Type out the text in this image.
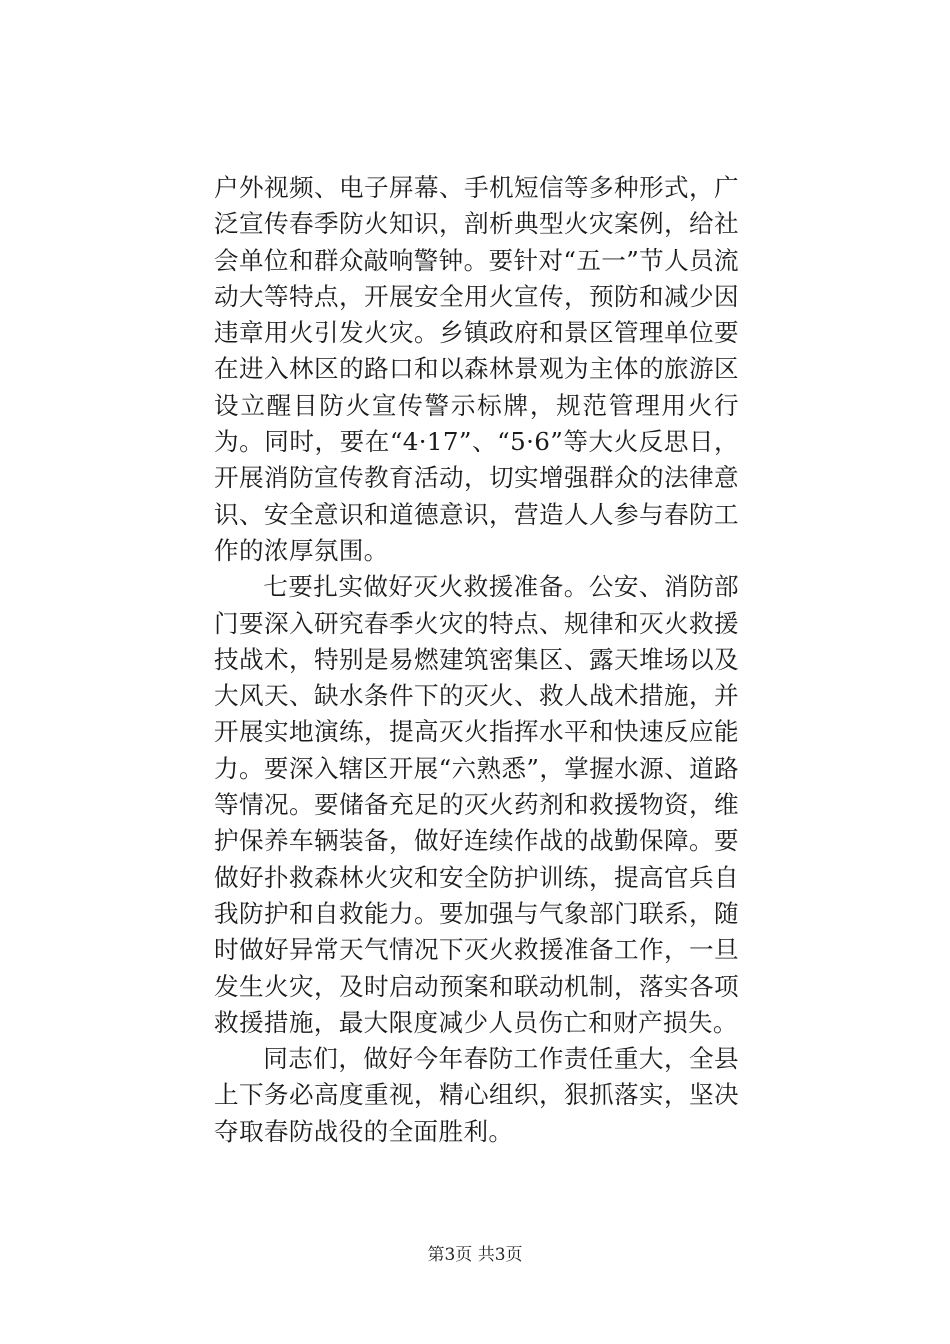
户外视频、电子屏幕、手机短信等多种形式，广泛宣传春季防火知识，剖析典型火灾案例，给社会单位和群众敲响警钟。要针对“五一”节人员流动大等特点，开展安全用火宣传，预防和减少因违章用火引发火灾。乡镇政府和景区管理单位要在进入林区的路口和以森林景观为主体的旅游区设立醒目防火宣传警示标牌，规范管理用火行为。同时，要在“4·17”、“5·6”等大火反思日，开展消防宣传教育活动，切实增强群众的法律意识、安全意识和道德意识，营造人人参与春防工作的浓厚氛围。

七要扎实做好灭火救援准备。公安、消防部门要深入研究春季火灾的特点、规律和灭火救援技战术，特别是易燃建筑密集区、露天堆场以及大风天、缺水条件下的灭火、救人战术措施，并开展实地演练，提高灭火指挥水平和快速反应能力。要深入辖区开展“六熟悉”，掌握水源、道路等情况。要储备充足的灭火药剂和救援物资，维护保养车辆装备，做好连续作战的战勤保障。要做好扑救森林火灾和安全防护训练，提高官兵自我防护和自救能力。要加强与气象部门联系，随时做好异常天气情况下灭火救援准备工作，一旦发生火灾，及时启动预案和联动机制，落实各项救援措施，最大限度减少人员伤亡和财产损失。

同志们，做好今年春防工作责任重大，全县上下务必高度重视，精心组织，狠抓落实，坚决夺取春防战役的全面胜利。

第3页 共3页
